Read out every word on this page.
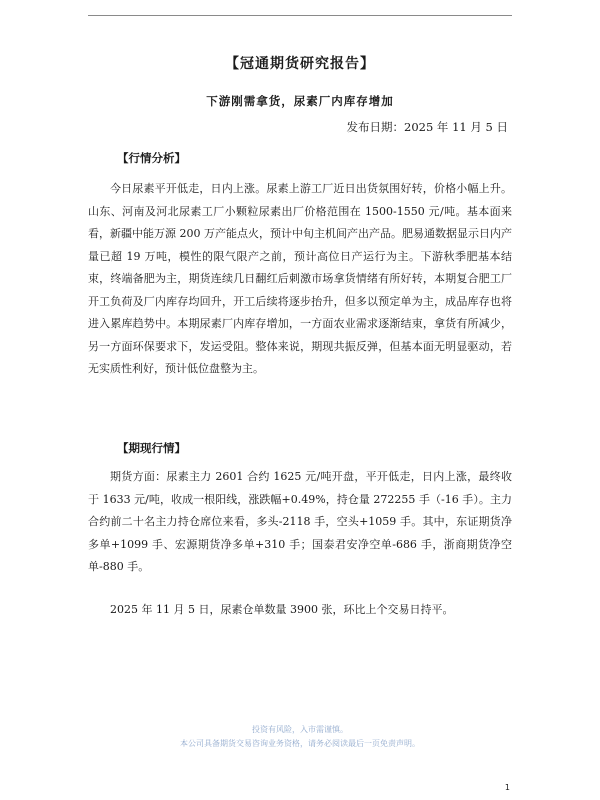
【冠通期货研究报告】
下游刚需拿货，尿素厂内库存增加
发布日期：2025 年 11 月 5 日
【行情分析】

今日尿素平开低走，日内上涨。尿素上游工厂近日出货氛围好转，价格小幅上升。山东、河南及河北尿素工厂小颗粒尿素出厂价格范围在 1500-1550 元/吨。基本面来看，新疆中能万源 200 万产能点火，预计中旬主机间产出产品。肥易通数据显示日内产量已超 19 万吨，模性的限气限产之前，预计高位日产运行为主。下游秋季肥基本结束，终端备肥为主，期货连续几日翻红后刺激市场拿货情绪有所好转，本期复合肥工厂开工负荷及厂内库存均回升，开工后续将逐步抬升，但多以预定单为主，成品库存也将进入累库趋势中。本期尿素厂内库存增加，一方面农业需求逐渐结束，拿货有所减少，另一方面环保要求下，发运受阻。整体来说，期现共振反弹，但基本面无明显驱动，若无实质性利好，预计低位盘整为主。

【期现行情】

期货方面：尿素主力 2601 合约 1625 元/吨开盘，平开低走，日内上涨，最终收于 1633 元/吨，收成一根阳线，涨跌幅+0.49%，持仓量 272255 手（-16 手）。主力合约前二十名主力持仓席位来看，多头-2118 手，空头+1059 手。其中，东证期货净多单+1099 手、宏源期货净多单+310 手；国泰君安净空单-686 手，浙商期货净空单-880 手。

2025 年 11 月 5 日，尿素仓单数量 3900 张，环比上个交易日持平。

投资有风险，入市需谨慎。
本公司具备期货交易咨询业务资格，请务必阅读最后一页免责声明。
1
